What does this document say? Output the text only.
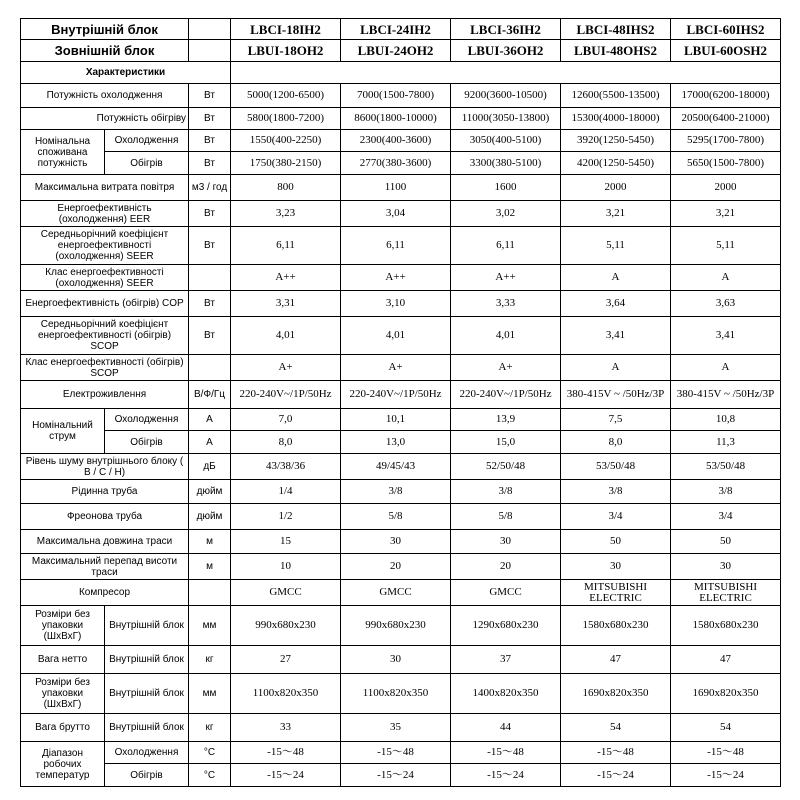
Внутрішній блок			LBCI-18IH2	LBCI-24IH2	LBCI-36IH2	LBCI-48IHS2	LBCI-60IHS2
Зовнішній блок			LBUI-18OH2	LBUI-24OH2	LBUI-36OH2	LBUI-48OHS2	LBUI-60OSH2
Характеристики							
Потужність охолодження		Вт	5000(1200-6500)	7000(1500-7800)	9200(3600-10500)	12600(5500-13500)	17000(6200-18000)
Потужність обігріву		Вт	5800(1800-7200)	8600(1800-10000)	11000(3050-13800)	15300(4000-18000)	20500(6400-21000)
Номінальна споживана потужність	Охолодження	Вт	1550(400-2250)	2300(400-3600)	3050(400-5100)	3920(1250-5450)	5295(1700-7800)
	Обігрів	Вт	1750(380-2150)	2770(380-3600)	3300(380-5100)	4200(1250-5450)	5650(1500-7800)
Максимальна витрата повітря		м3 / год	800	1100	1600	2000	2000
Енергоефективність (охолодження) EER		Вт	3,23	3,04	3,02	3,21	3,21
Середньорічний коефіцієнт енергоефективності (охолодження) SEER		Вт	6,11	6,11	6,11	5,11	5,11
Клас енергоефективності (охолодження) SEER			A++	A++	A++	A	A
Енергоефективність (обігрів) COP		Вт	3,31	3,10	3,33	3,64	3,63
Середньорічний коефіцієнт енергоефективності (обігрів) SCOP		Вт	4,01	4,01	4,01	3,41	3,41
Клас енергоефективності (обігрів) SCOP			A+	A+	A+	A	A
Електроживлення		В/Ф/Гц	220-240V~/1P/50Hz	220-240V~/1P/50Hz	220-240V~/1P/50Hz	380-415V ~ /50Hz/3P	380-415V ~ /50Hz/3P
Номінальний струм	Охолодження	А	7,0	10,1	13,9	7,5	10,8
	Обігрів	А	8,0	13,0	15,0	8,0	11,3
Рівень шуму внутрішнього блоку ( В / С / Н)		дБ	43/38/36	49/45/43	52/50/48	53/50/48	53/50/48
Рідинна труба		дюйм	1/4	3/8	3/8	3/8	3/8
Фреонова труба		дюйм	1/2	5/8	5/8	3/4	3/4
Максимальна довжина траси		м	15	30	30	50	50
Максимальний перепад висоти траси		м	10	20	20	30	30
Компресор			GMCC	GMCC	GMCC	MITSUBISHI ELECTRIC	MITSUBISHI ELECTRIC
Розміри без упаковки (ШхВхГ)	Внутрішній блок	мм	990x680x230	990x680x230	1290x680x230	1580x680x230	1580x680x230
Вага нетто	Внутрішній блок	кг	27	30	37	47	47
Розміри без упаковки (ШхВхГ)	Внутрішній блок	мм	1100x820x350	1100x820x350	1400x820x350	1690x820x350	1690x820x350
Вага брутто	Внутрішній блок	кг	33	35	44	54	54
Діапазон робочих температур	Охолодження	°C	-15～48	-15～48	-15～48	-15～48	-15～48
	Обігрів	°C	-15～24	-15～24	-15～24	-15～24	-15～24
